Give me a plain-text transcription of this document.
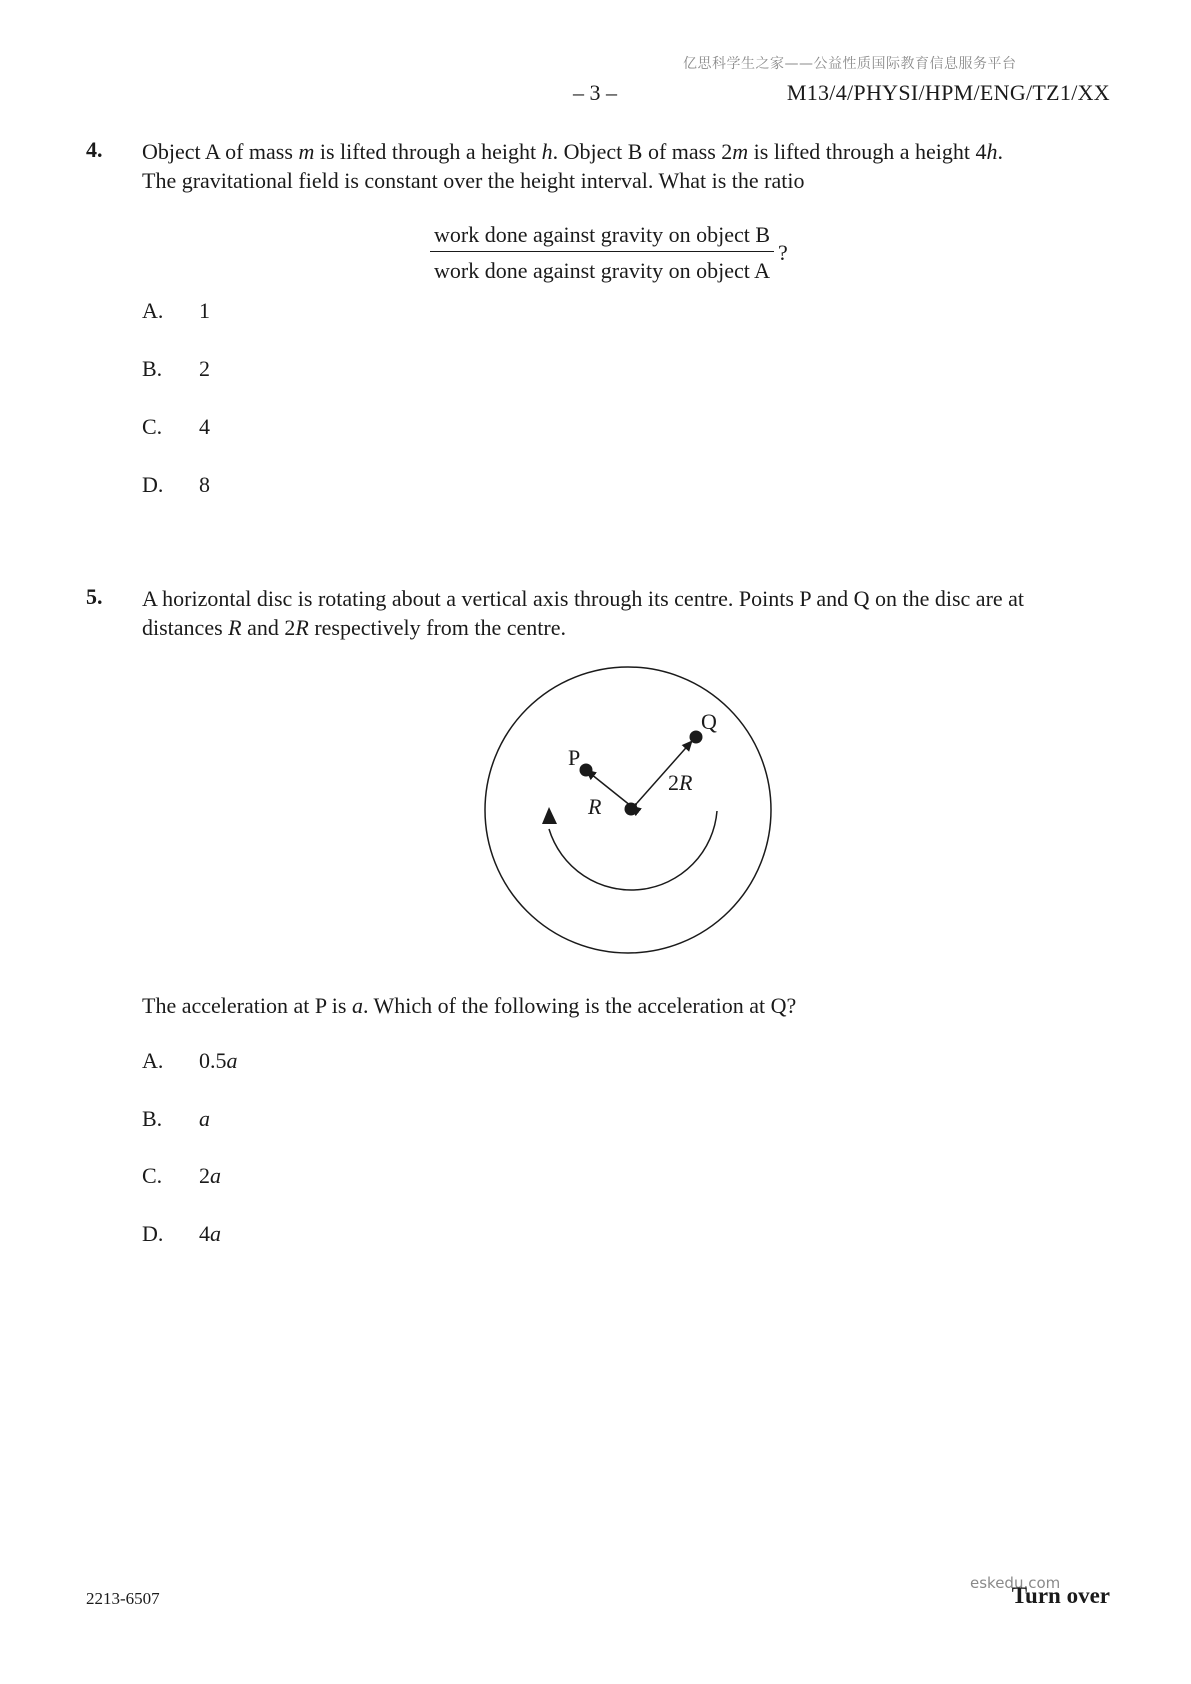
亿思科学生之家——公益性质国际教育信息服务平台
– 3 –	M13/4/PHYSI/HPM/ENG/TZ1/XX
4. Object A of mass m is lifted through a height h. Object B of mass 2m is lifted through a height 4h.
The gravitational field is constant over the height interval. What is the ratio
$\frac{\text{work done against gravity on object B}}{\text{work done against gravity on object A}}$ ?
A. 1
B. 2
C. 4
D. 8
5. A horizontal disc is rotating about a vertical axis through its centre. Points P and Q on the disc are at
distances R and 2R respectively from the centre.
P
Q
R
2R
The acceleration at P is a. Which of the following is the acceleration at Q?
A. 0.5a
B. a
C. 2a
D. 4a
2213-6507
eskedu.com
Turn over
